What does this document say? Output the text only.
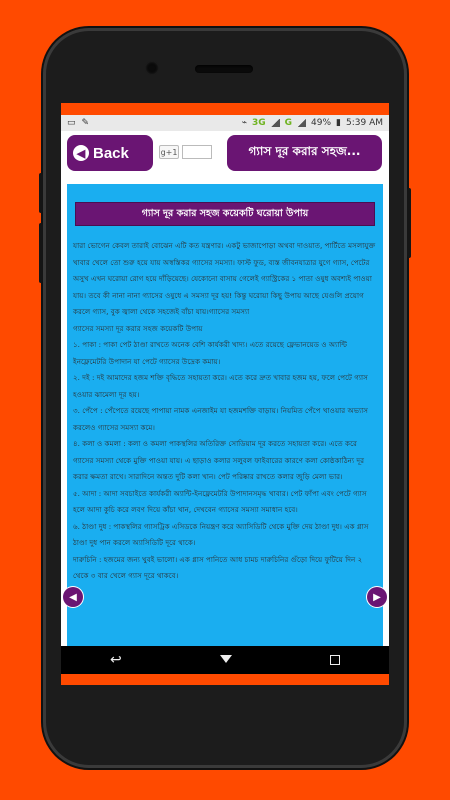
▭ ✎	⌁ 3G G 49% ▮ 5:39 AM
◀ Back	g+1	গ্যাস দূর করার সহজ...
গ্যাস দূর করার সহজ কয়েকটি ঘরোয়া উপায়

যারা ভোগেন কেবল তারাই বোঝেন এটি কত যন্ত্রণার। একটু ভাজাপোড়া অথবা দাওয়াত, পার্টিতে মসলাযুক্ত খাবার খেলে তো শুরু হয়ে যায় অস্বস্তিকর গ্যাসের সমস্যা। ফাস্ট ফুড, ব্যস্ত জীবনযাত্রার যুগে গ্যাস, পেটের অসুখ এখন ঘরোয়া রোগ হয়ে দাঁড়িয়েছে। যেকোনো বাসায় গেলেই গ্যাস্ট্রিকের ১ পাতা ওষুধ অবশ্যই পাওয়া যায়। তবে কী নানা নানা গ্যাসের ওষুধে এ সমস্যা দূর হয়! কিন্তু ঘরোয়া কিছু উপায় আছে যেগুলি প্রয়োগ করলে গ্যাস, বুক জ্বালা থেকে সহজেই বাঁচা যায়।গ্যাসের সমস্যা

গ্যাসের সমস্যা দূর করার সহজ কয়েকটি উপায়

১. পাকা : পাকা পেট ঠাণ্ডা রাখতে অনেক বেশি কার্যকরী খাদ্য। এতে রয়েছে ফ্লেভানয়েড ও অ্যান্টি ইনফ্লেমেটরি উপাদান যা পেটে গ্যাসের উদ্রেক কমায়।

২. দই : দই আমাদের হজম শক্তি বৃদ্ধিতে সহায়তা করে। এতে করে দ্রুত খাবার হজম হয়, ফলে পেটে গ্যাস হওয়ার ঝামেলা দূর হয়।

৩. পেঁপে : পেঁপেতে রয়েছে পাপায়া নামক এনজাইম যা হজমশক্তি বাড়ায়। নিয়মিত পেঁপে খাওয়ার অভ্যাস করলেও গ্যাসের সমস্যা কমে।

৪. কলা ও কমলা : কলা ও কমলা পাকস্থলির অতিরিক্ত সোডিয়াম দূর করতে সহায়তা করে। এতে করে গ্যাসের সমস্যা থেকে মুক্তি পাওয়া যায়। এ ছাড়াও কলার সলুবল ফাইবারের কারণে কলা কোষ্ঠকাঠিন্য দূর করার ক্ষমতা রাখে। সারাদিনে অন্তত দুটি কলা খান। পেট পরিষ্কার রাখতে কলার জুড়ি মেলা ভার।

৫. আদা : আদা সবচাইতে কার্যকরী অ্যান্টি-ইনফ্লেমেটরি উপাদানসমৃদ্ধ খাবার। পেট ফাঁপা এবং পেটে গ্যাস হলে আদা কুচি করে লবণ দিয়ে কাঁচা খান, দেখবেন গ্যাসের সমস্যা সমাধান হবে।

৬. ঠাণ্ডা দুধ : পাকস্থলির গ্যাসট্রিক এসিডকে নিয়ন্ত্রণ করে অ্যাসিডিটি থেকে মুক্তি দেয় ঠাণ্ডা দুধ। এক গ্লাস ঠাণ্ডা দুধ পান করলে অ্যাসিডিটি দূরে থাকে।

দারুচিনি : হজমের জন্য খুবই ভালো। এক গ্লাস পানিতে আধ চামচ দারুচিনির গুঁড়ো দিয়ে ফুটিয়ে দিন ২ থেকে ৩ বার খেলে গ্যাস দূরে থাকবে।

◀	▶
↩
